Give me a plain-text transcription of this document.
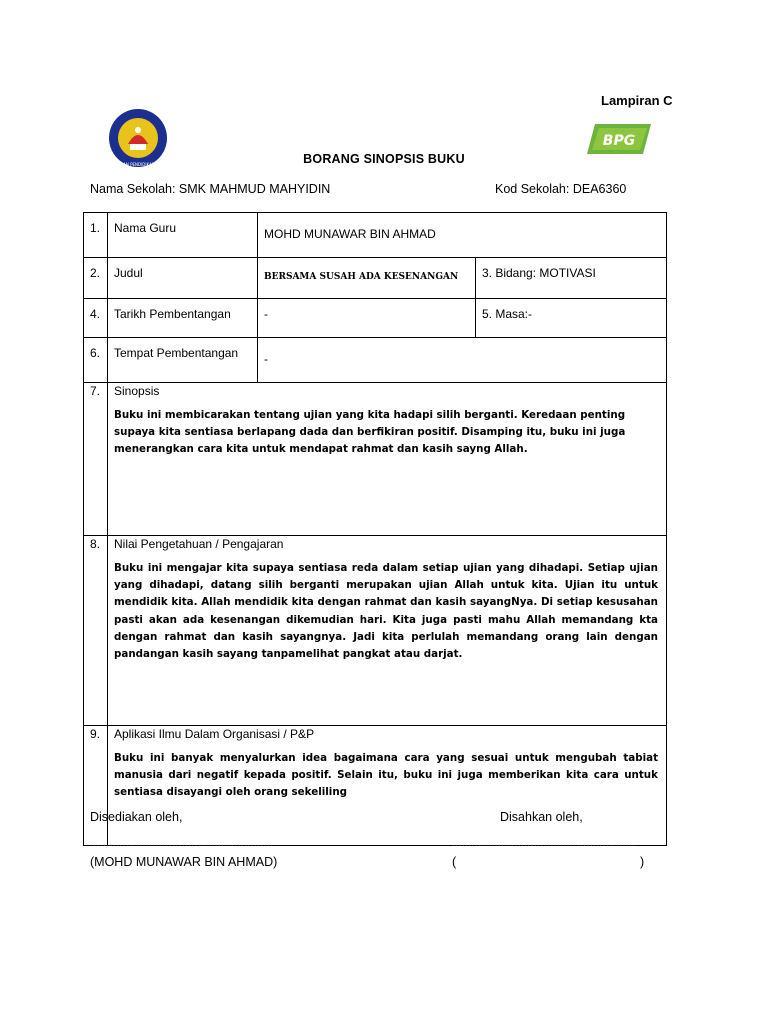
Lampiran C
KEMENTERIAN PENDIDIKAN MALAYSIA
BPG
BORANG SINOPSIS BUKU
Nama Sekolah: SMK MAHMUD MAHYIDIN	Kod Sekolah: DEA6360
1.	Nama Guru	MOHD MUNAWAR BIN AHMAD	
2.	Judul	BERSAMA SUSAH ADA KESENANGAN	3. Bidang: MOTIVASI
4.	Tarikh Pembentangan	-	5. Masa:-
6.	Tempat Pembentangan	-	
7.	Sinopsis
Buku ini membicarakan tentang ujian yang kita hadapi silih berganti. Keredaan penting supaya kita sentiasa berlapang dada dan berfikiran positif. Disamping itu, buku ini juga menerangkan cara kita untuk mendapat rahmat dan kasih sayng Allah.		

8.	Nilai Pengetahuan / Pengajaran
Buku ini mengajar kita supaya sentiasa reda dalam setiap ujian yang dihadapi. Setiap ujian yang dihadapi, datang silih berganti merupakan ujian Allah untuk kita. Ujian itu untuk mendidik kita. Allah mendidik kita dengan rahmat dan kasih sayangNya. Di setiap kesusahan pasti akan ada kesenangan dikemudian hari. Kita juga pasti mahu Allah memandang kta dengan rahmat dan kasih sayangnya. Jadi kita perlulah memandang orang lain dengan pandangan kasih sayang tanpamelihat pangkat atau darjat.		

9.	Aplikasi Ilmu Dalam Organisasi / P&P
Buku ini banyak menyalurkan idea bagaimana cara yang sesuai untuk mengubah tabiat manusia dari negatif kepada positif. Selain itu, buku ini juga memberikan kita cara untuk sentiasa disayangi oleh orang sekeliling		
Disediakan oleh,	Disahkan oleh,
........................................................	........................................................
(MOHD MUNAWAR BIN AHMAD)	(	)
